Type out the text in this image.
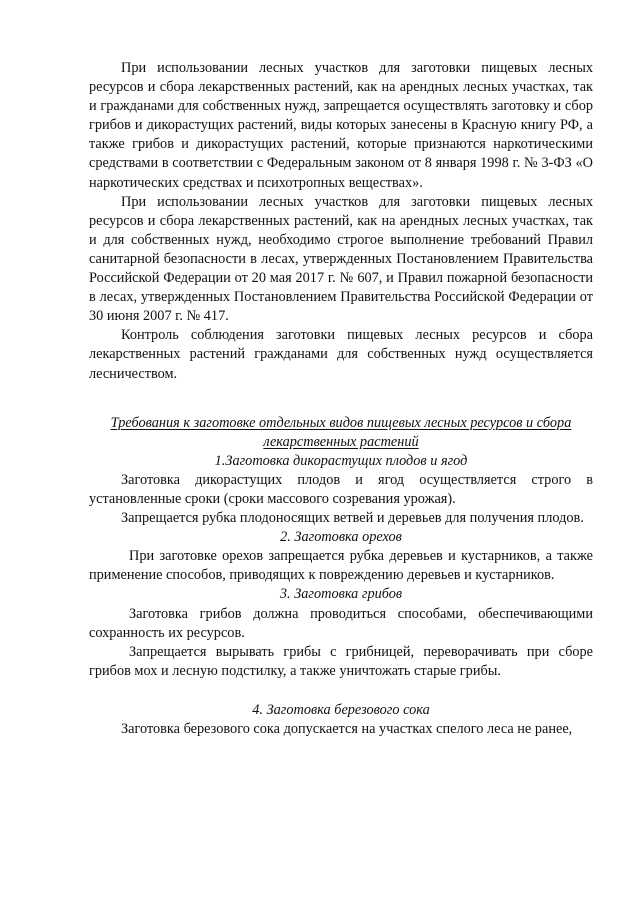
При использовании лесных участков для заготовки пищевых лесных ресурсов и сбора лекарственных растений, как на арендных лесных участках, так и гражданами для собственных нужд, запрещается осуществлять заготовку и сбор грибов и дикорастущих растений, виды которых занесены в Красную книгу РФ, а также грибов и дикорастущих растений, которые признаются наркотическими средствами в соответствии с Федеральным законом от 8 января 1998 г. № 3-ФЗ «О наркотических средствах и психотропных веществах».

При использовании лесных участков для заготовки пищевых лесных ресурсов и сбора лекарственных растений, как на арендных лесных участках, так и для собственных нужд, необходимо строгое выполнение требований Правил санитарной безопасности в лесах, утвержденных Постановлением Правительства Российской Федерации от 20 мая 2017 г. № 607, и Правил пожарной безопасности в лесах, утвержденных Постановлением Правительства Российской Федерации от 30 июня 2007 г. № 417.

Контроль соблюдения заготовки пищевых лесных ресурсов и сбора лекарственных растений гражданами для собственных нужд осуществляется лесничеством.

Требования к заготовке отдельных видов пищевых лесных ресурсов и сбора

лекарственных растений

1.Заготовка дикорастущих плодов и ягод

Заготовка дикорастущих плодов и ягод осуществляется строго в установленные сроки (сроки массового созревания урожая).

Запрещается рубка плодоносящих ветвей и деревьев для получения плодов.

2. Заготовка орехов

При заготовке орехов запрещается рубка деревьев и кустарников, а также применение способов, приводящих к повреждению деревьев и кустарников.

3. Заготовка грибов

Заготовка грибов должна проводиться способами, обеспечивающими сохранность их ресурсов.

Запрещается вырывать грибы с грибницей, переворачивать при сборе грибов мох и лесную подстилку, а также уничтожать старые грибы.

4. Заготовка березового сока

Заготовка березового сока допускается на участках спелого леса не ранее,
